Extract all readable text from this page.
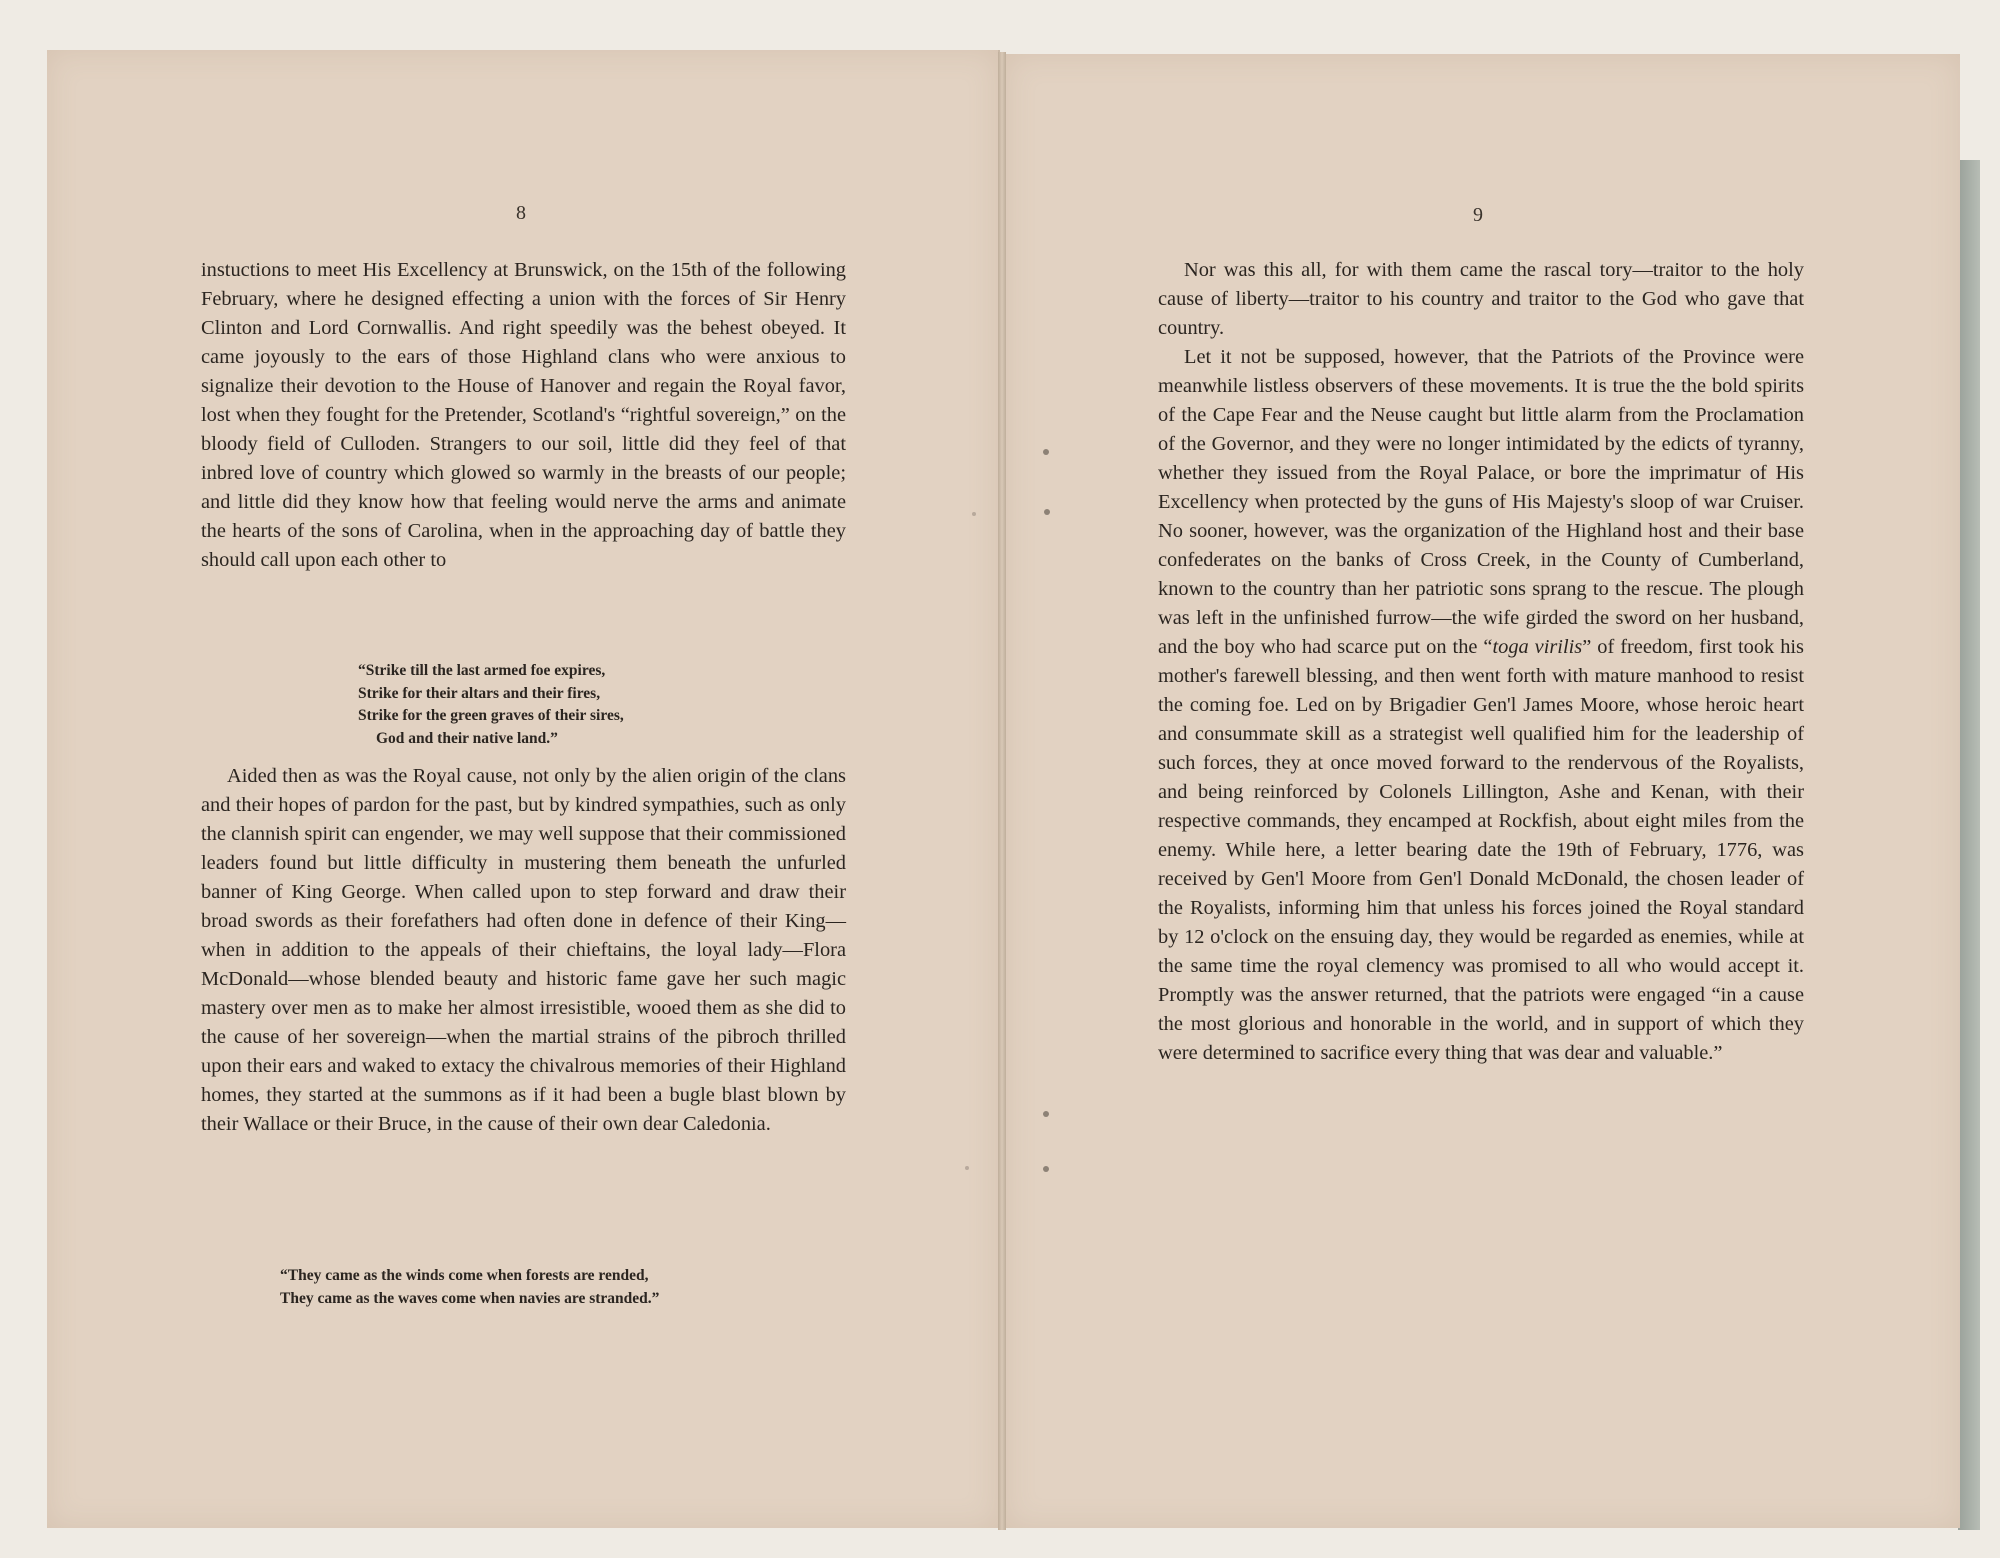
8

instuctions to meet His Excellency at Brunswick, on the 15th of the following February, where he designed effecting a union with the forces of Sir Henry Clinton and Lord Cornwallis. And right speedily was the behest obeyed. It came joyously to the ears of those Highland clans who were anxious to signalize their devotion to the House of Hanover and regain the Royal favor, lost when they fought for the Pretender, Scotland's “rightful sovereign,” on the bloody field of Culloden. Strangers to our soil, little did they feel of that inbred love of country which glowed so warmly in the breasts of our people; and little did they know how that feeling would nerve the arms and animate the hearts of the sons of Carolina, when in the approaching day of battle they should call upon each other to

“Strike till the last armed foe expires,
Strike for their altars and their fires,
Strike for the green graves of their sires,
God and their native land.”

Aided then as was the Royal cause, not only by the alien origin of the clans and their hopes of pardon for the past, but by kindred sympathies, such as only the clannish spirit can engender, we may well suppose that their commissioned leaders found but little difficulty in mustering them beneath the unfurled banner of King George. When called upon to step forward and draw their broad swords as their forefathers had often done in defence of their King—when in addition to the appeals of their chieftains, the loyal lady—Flora McDonald—whose blended beauty and historic fame gave her such magic mastery over men as to make her almost irresistible, wooed them as she did to the cause of her sovereign—when the martial strains of the pibroch thrilled upon their ears and waked to extacy the chivalrous memories of their Highland homes, they started at the summons as if it had been a bugle blast blown by their Wallace or their Bruce, in the cause of their own dear Caledonia.

“They came as the winds come when forests are rended,
They came as the waves come when navies are stranded.”
9

Nor was this all, for with them came the rascal tory—traitor to the holy cause of liberty—traitor to his country and traitor to the God who gave that country.

Let it not be supposed, however, that the Patriots of the Province were meanwhile listless observers of these movements. It is true the the bold spirits of the Cape Fear and the Neuse caught but little alarm from the Proclamation of the Governor, and they were no longer intimidated by the edicts of tyranny, whether they issued from the Royal Palace, or bore the imprimatur of His Excellency when protected by the guns of His Majesty's sloop of war Cruiser. No sooner, however, was the organization of the Highland host and their base confederates on the banks of Cross Creek, in the County of Cumberland, known to the country than her patriotic sons sprang to the rescue. The plough was left in the unfinished furrow—the wife girded the sword on her husband, and the boy who had scarce put on the “toga virilis” of freedom, first took his mother's farewell blessing, and then went forth with mature manhood to resist the coming foe. Led on by Brigadier Gen'l James Moore, whose heroic heart and consummate skill as a strategist well qualified him for the leadership of such forces, they at once moved forward to the rendervous of the Royalists, and being reinforced by Colonels Lillington, Ashe and Kenan, with their respective commands, they encamped at Rockfish, about eight miles from the enemy. While here, a letter bearing date the 19th of February, 1776, was received by Gen'l Moore from Gen'l Donald McDonald, the chosen leader of the Royalists, informing him that unless his forces joined the Royal standard by 12 o'clock on the ensuing day, they would be regarded as enemies, while at the same time the royal clemency was promised to all who would accept it. Promptly was the answer returned, that the patriots were engaged “in a cause the most glorious and honorable in the world, and in support of which they were determined to sacrifice every thing that was dear and valuable.”
